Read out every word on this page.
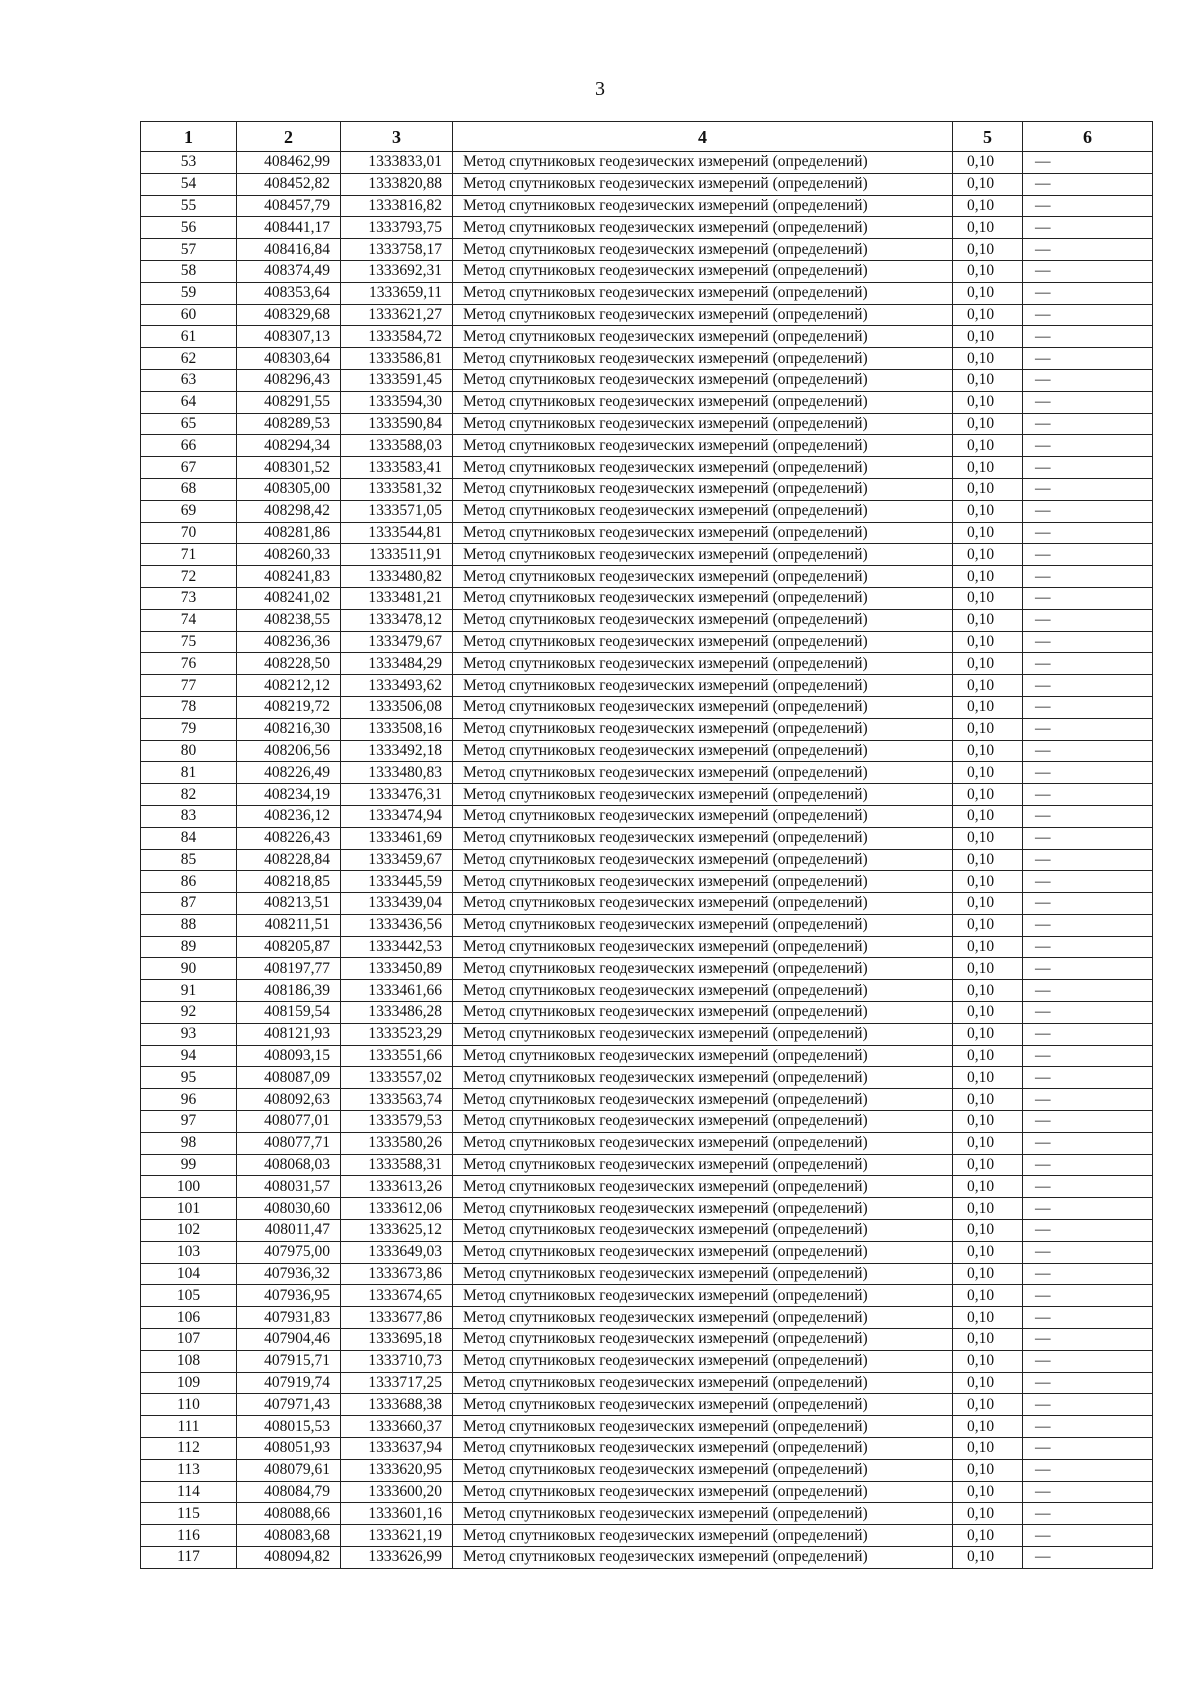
3
1	2	3	4	5	6
53	408462,99	1333833,01	Метод спутниковых геодезических измерений (определений)	0,10	—
54	408452,82	1333820,88	Метод спутниковых геодезических измерений (определений)	0,10	—
55	408457,79	1333816,82	Метод спутниковых геодезических измерений (определений)	0,10	—
56	408441,17	1333793,75	Метод спутниковых геодезических измерений (определений)	0,10	—
57	408416,84	1333758,17	Метод спутниковых геодезических измерений (определений)	0,10	—
58	408374,49	1333692,31	Метод спутниковых геодезических измерений (определений)	0,10	—
59	408353,64	1333659,11	Метод спутниковых геодезических измерений (определений)	0,10	—
60	408329,68	1333621,27	Метод спутниковых геодезических измерений (определений)	0,10	—
61	408307,13	1333584,72	Метод спутниковых геодезических измерений (определений)	0,10	—
62	408303,64	1333586,81	Метод спутниковых геодезических измерений (определений)	0,10	—
63	408296,43	1333591,45	Метод спутниковых геодезических измерений (определений)	0,10	—
64	408291,55	1333594,30	Метод спутниковых геодезических измерений (определений)	0,10	—
65	408289,53	1333590,84	Метод спутниковых геодезических измерений (определений)	0,10	—
66	408294,34	1333588,03	Метод спутниковых геодезических измерений (определений)	0,10	—
67	408301,52	1333583,41	Метод спутниковых геодезических измерений (определений)	0,10	—
68	408305,00	1333581,32	Метод спутниковых геодезических измерений (определений)	0,10	—
69	408298,42	1333571,05	Метод спутниковых геодезических измерений (определений)	0,10	—
70	408281,86	1333544,81	Метод спутниковых геодезических измерений (определений)	0,10	—
71	408260,33	1333511,91	Метод спутниковых геодезических измерений (определений)	0,10	—
72	408241,83	1333480,82	Метод спутниковых геодезических измерений (определений)	0,10	—
73	408241,02	1333481,21	Метод спутниковых геодезических измерений (определений)	0,10	—
74	408238,55	1333478,12	Метод спутниковых геодезических измерений (определений)	0,10	—
75	408236,36	1333479,67	Метод спутниковых геодезических измерений (определений)	0,10	—
76	408228,50	1333484,29	Метод спутниковых геодезических измерений (определений)	0,10	—
77	408212,12	1333493,62	Метод спутниковых геодезических измерений (определений)	0,10	—
78	408219,72	1333506,08	Метод спутниковых геодезических измерений (определений)	0,10	—
79	408216,30	1333508,16	Метод спутниковых геодезических измерений (определений)	0,10	—
80	408206,56	1333492,18	Метод спутниковых геодезических измерений (определений)	0,10	—
81	408226,49	1333480,83	Метод спутниковых геодезических измерений (определений)	0,10	—
82	408234,19	1333476,31	Метод спутниковых геодезических измерений (определений)	0,10	—
83	408236,12	1333474,94	Метод спутниковых геодезических измерений (определений)	0,10	—
84	408226,43	1333461,69	Метод спутниковых геодезических измерений (определений)	0,10	—
85	408228,84	1333459,67	Метод спутниковых геодезических измерений (определений)	0,10	—
86	408218,85	1333445,59	Метод спутниковых геодезических измерений (определений)	0,10	—
87	408213,51	1333439,04	Метод спутниковых геодезических измерений (определений)	0,10	—
88	408211,51	1333436,56	Метод спутниковых геодезических измерений (определений)	0,10	—
89	408205,87	1333442,53	Метод спутниковых геодезических измерений (определений)	0,10	—
90	408197,77	1333450,89	Метод спутниковых геодезических измерений (определений)	0,10	—
91	408186,39	1333461,66	Метод спутниковых геодезических измерений (определений)	0,10	—
92	408159,54	1333486,28	Метод спутниковых геодезических измерений (определений)	0,10	—
93	408121,93	1333523,29	Метод спутниковых геодезических измерений (определений)	0,10	—
94	408093,15	1333551,66	Метод спутниковых геодезических измерений (определений)	0,10	—
95	408087,09	1333557,02	Метод спутниковых геодезических измерений (определений)	0,10	—
96	408092,63	1333563,74	Метод спутниковых геодезических измерений (определений)	0,10	—
97	408077,01	1333579,53	Метод спутниковых геодезических измерений (определений)	0,10	—
98	408077,71	1333580,26	Метод спутниковых геодезических измерений (определений)	0,10	—
99	408068,03	1333588,31	Метод спутниковых геодезических измерений (определений)	0,10	—
100	408031,57	1333613,26	Метод спутниковых геодезических измерений (определений)	0,10	—
101	408030,60	1333612,06	Метод спутниковых геодезических измерений (определений)	0,10	—
102	408011,47	1333625,12	Метод спутниковых геодезических измерений (определений)	0,10	—
103	407975,00	1333649,03	Метод спутниковых геодезических измерений (определений)	0,10	—
104	407936,32	1333673,86	Метод спутниковых геодезических измерений (определений)	0,10	—
105	407936,95	1333674,65	Метод спутниковых геодезических измерений (определений)	0,10	—
106	407931,83	1333677,86	Метод спутниковых геодезических измерений (определений)	0,10	—
107	407904,46	1333695,18	Метод спутниковых геодезических измерений (определений)	0,10	—
108	407915,71	1333710,73	Метод спутниковых геодезических измерений (определений)	0,10	—
109	407919,74	1333717,25	Метод спутниковых геодезических измерений (определений)	0,10	—
110	407971,43	1333688,38	Метод спутниковых геодезических измерений (определений)	0,10	—
111	408015,53	1333660,37	Метод спутниковых геодезических измерений (определений)	0,10	—
112	408051,93	1333637,94	Метод спутниковых геодезических измерений (определений)	0,10	—
113	408079,61	1333620,95	Метод спутниковых геодезических измерений (определений)	0,10	—
114	408084,79	1333600,20	Метод спутниковых геодезических измерений (определений)	0,10	—
115	408088,66	1333601,16	Метод спутниковых геодезических измерений (определений)	0,10	—
116	408083,68	1333621,19	Метод спутниковых геодезических измерений (определений)	0,10	—
117	408094,82	1333626,99	Метод спутниковых геодезических измерений (определений)	0,10	—
